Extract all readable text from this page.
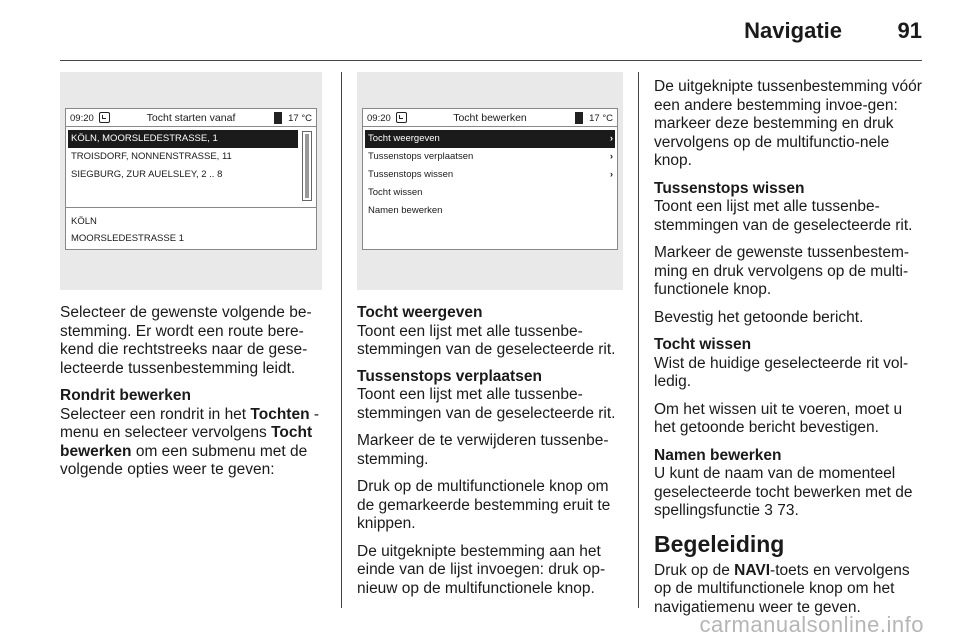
Navigatie	91
09:20	Tocht starten vanaf	17 °C
KÖLN, MOORSLEDESTRASSE, 1
TROISDORF, NONNENSTRASSE, 11
SIEGBURG, ZUR AUELSLEY, 2 .. 8
KÖLN
MOORSLEDESTRASSE 1
09:20	Tocht bewerken	17 °C
Tocht weergeven	›
Tussenstops verplaatsen	›
Tussenstops wissen	›
Tocht wissen
Namen bewerken

Selecteer de gewenste volgende be-stemming. Er wordt een route bere-kend die rechtstreeks naar de gese-lecteerde tussenbestemming leidt.

Rondrit bewerken
Selecteer een rondrit in het Tochten -menu en selecteer vervolgens Tocht bewerken om een submenu met de volgende opties weer te geven:

Tocht weergeven
Toont een lijst met alle tussenbe-stemmingen van de geselecteerde rit.

Tussenstops verplaatsen
Toont een lijst met alle tussenbe-stemmingen van de geselecteerde rit.

Markeer de te verwijderen tussenbe-stemming.

Druk op de multifunctionele knop om de gemarkeerde bestemming eruit te knippen.

De uitgeknipte bestemming aan het einde van de lijst invoegen: druk op-nieuw op de multifunctionele knop.

De uitgeknipte tussenbestemming vóór een andere bestemming invoe-gen: markeer deze bestemming en druk vervolgens op de multifunctio-nele knop.

Tussenstops wissen
Toont een lijst met alle tussenbe-stemmingen van de geselecteerde rit.

Markeer de gewenste tussenbestem-ming en druk vervolgens op de multi-functionele knop.

Bevestig het getoonde bericht.

Tocht wissen
Wist de huidige geselecteerde rit vol-ledig.

Om het wissen uit te voeren, moet u het getoonde bericht bevestigen.

Namen bewerken
U kunt de naam van de momenteel geselecteerde tocht bewerken met de spellingsfunctie 3 73.

Begeleiding

Druk op de NAVI-toets en vervolgens op de multifunctionele knop om het navigatiemenu weer te geven.

carmanualsonline.info
